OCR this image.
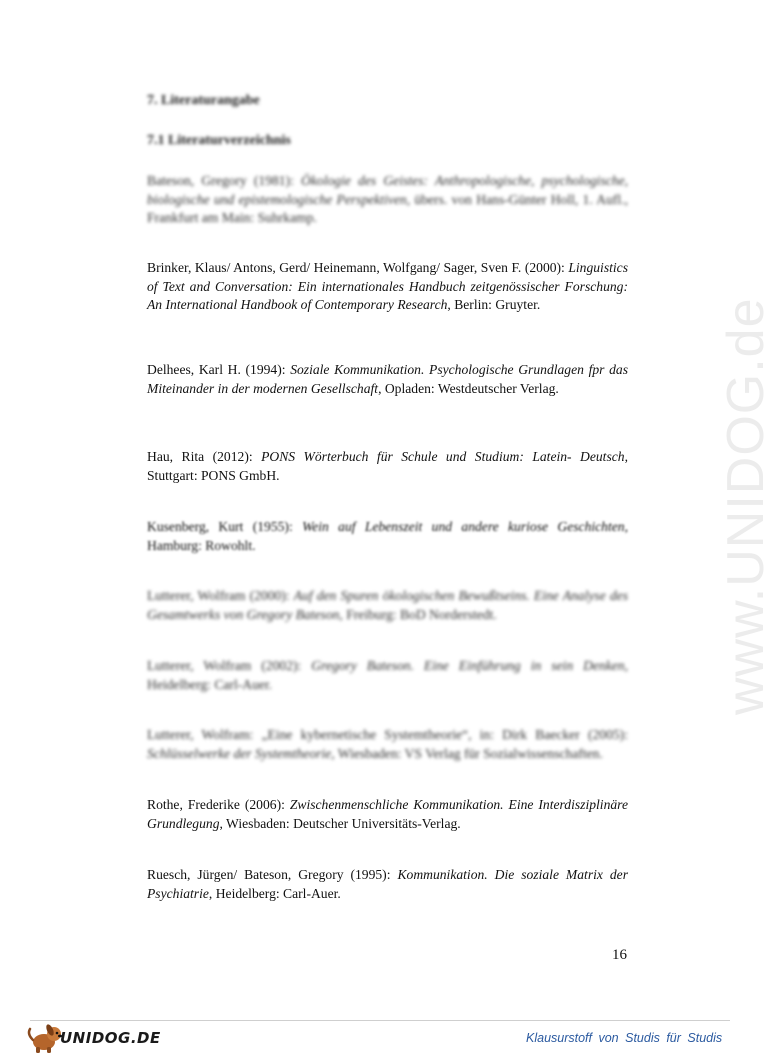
www.UNIDOG.de
7. Literaturangabe
7.1 Literaturverzeichnis
Bateson, Gregory (1981): Ökologie des Geistes: Anthropologische, psychologische, biologische und epistemologische Perspektiven, übers. von Hans-Günter Holl, 1. Aufl., Frankfurt am Main: Suhrkamp.
Brinker, Klaus/ Antons, Gerd/ Heinemann, Wolfgang/ Sager, Sven F. (2000): Linguistics of Text and Conversation: Ein internationales Handbuch zeitgenössischer Forschung: An International Handbook of Contemporary Research, Berlin: Gruyter.
Delhees, Karl H. (1994): Soziale Kommunikation. Psychologische Grundlagen fpr das Miteinander in der modernen Gesellschaft, Opladen: Westdeutscher Verlag.
Hau, Rita (2012): PONS Wörterbuch für Schule und Studium: Latein- Deutsch, Stuttgart: PONS GmbH.
Kusenberg, Kurt (1955): Wein auf Lebenszeit und andere kuriose Geschichten, Hamburg: Rowohlt.
Lutterer, Wolfram (2000): Auf den Spuren ökologischen Bewußtseins. Eine Analyse des Gesamtwerks von Gregory Bateson, Freiburg: BoD Norderstedt.
Lutterer, Wolfram (2002): Gregory Bateson. Eine Einführung in sein Denken, Heidelberg: Carl-Auer.
Lutterer, Wolfram: „Eine kybernetische Systemtheorie“, in: Dirk Baecker (2005): Schlüsselwerke der Systemtheorie, Wiesbaden: VS Verlag für Sozialwissenschaften.
Rothe, Frederike (2006): Zwischenmenschliche Kommunikation. Eine Interdisziplinäre Grundlegung, Wiesbaden: Deutscher Universitäts-Verlag.
Ruesch, Jürgen/ Bateson, Gregory (1995): Kommunikation. Die soziale Matrix der Psychiatrie, Heidelberg: Carl-Auer.
16
UNIDOG.DE	Klausurstoff von Studis für Studis
